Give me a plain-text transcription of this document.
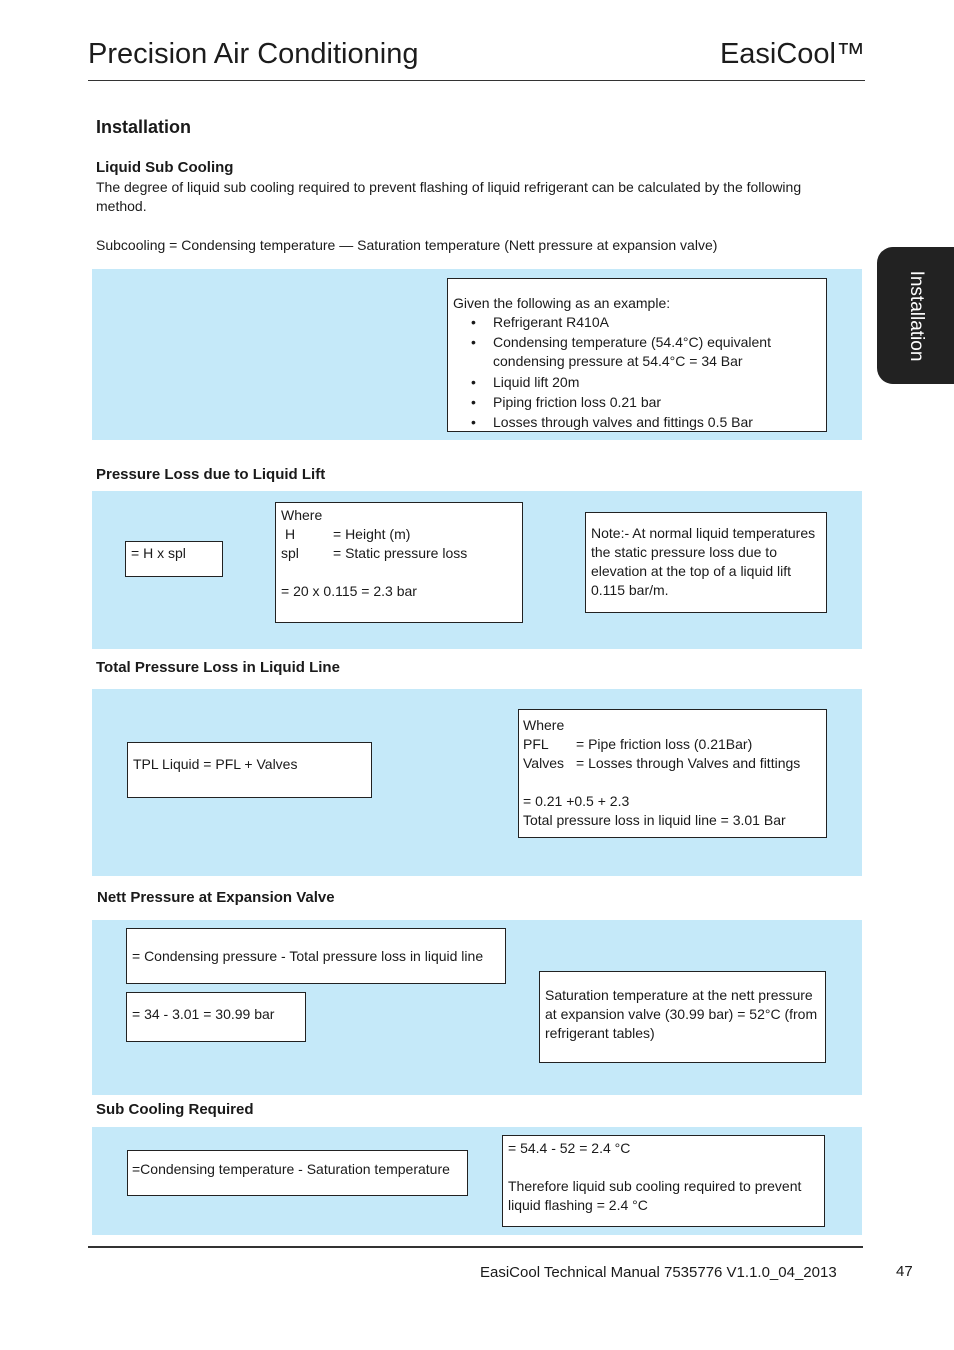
Precision Air Conditioning	EasiCool™
Installation
Installation
Liquid Sub Cooling
The degree of liquid sub cooling required to prevent flashing of liquid refrigerant can be calculated by the following method.
Subcooling = Condensing temperature — Saturation temperature (Nett pressure at expansion valve)
Given the following as an example:
• Refrigerant R410A
• Condensing temperature (54.4°C) equivalent condensing pressure at 54.4°C = 34 Bar
• Liquid lift 20m
• Piping friction loss 0.21 bar
• Losses through valves and fittings 0.5 Bar
Pressure Loss due to Liquid Lift
= H x spl
Where
H	= Height (m)
spl	= Static pressure loss
= 20 x 0.115 = 2.3 bar
Note:- At normal liquid temperatures the static pressure loss due to elevation at the top of a liquid lift 0.115 bar/m.
Total Pressure Loss in Liquid Line
TPL Liquid = PFL + Valves
Where
PFL	= Pipe friction loss (0.21Bar)
Valves = Losses through Valves and fittings
= 0.21 +0.5 + 2.3
Total pressure loss in liquid line = 3.01 Bar
Nett Pressure at Expansion Valve
= Condensing pressure - Total pressure loss in liquid line
= 34 - 3.01 = 30.99 bar
Saturation temperature at the nett pressure at expansion valve (30.99 bar) = 52°C (from refrigerant tables)
Sub Cooling Required
=Condensing temperature - Saturation temperature
= 54.4 - 52 = 2.4 °C
Therefore liquid sub cooling required to prevent liquid flashing = 2.4 °C
EasiCool Technical Manual 7535776 V1.1.0_04_2013	47
